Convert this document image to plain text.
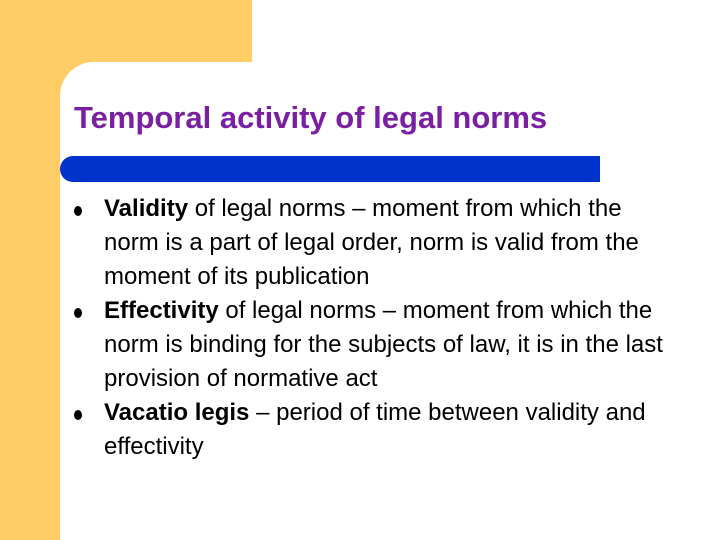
Temporal activity of legal norms
Validity of legal norms – moment from which the norm is a part of legal order, norm is valid from the moment of its publication
Effectivity of legal norms – moment from which the norm is binding for the subjects of law, it is in the last provision of normative act
Vacatio legis – period of time between validity and effectivity
